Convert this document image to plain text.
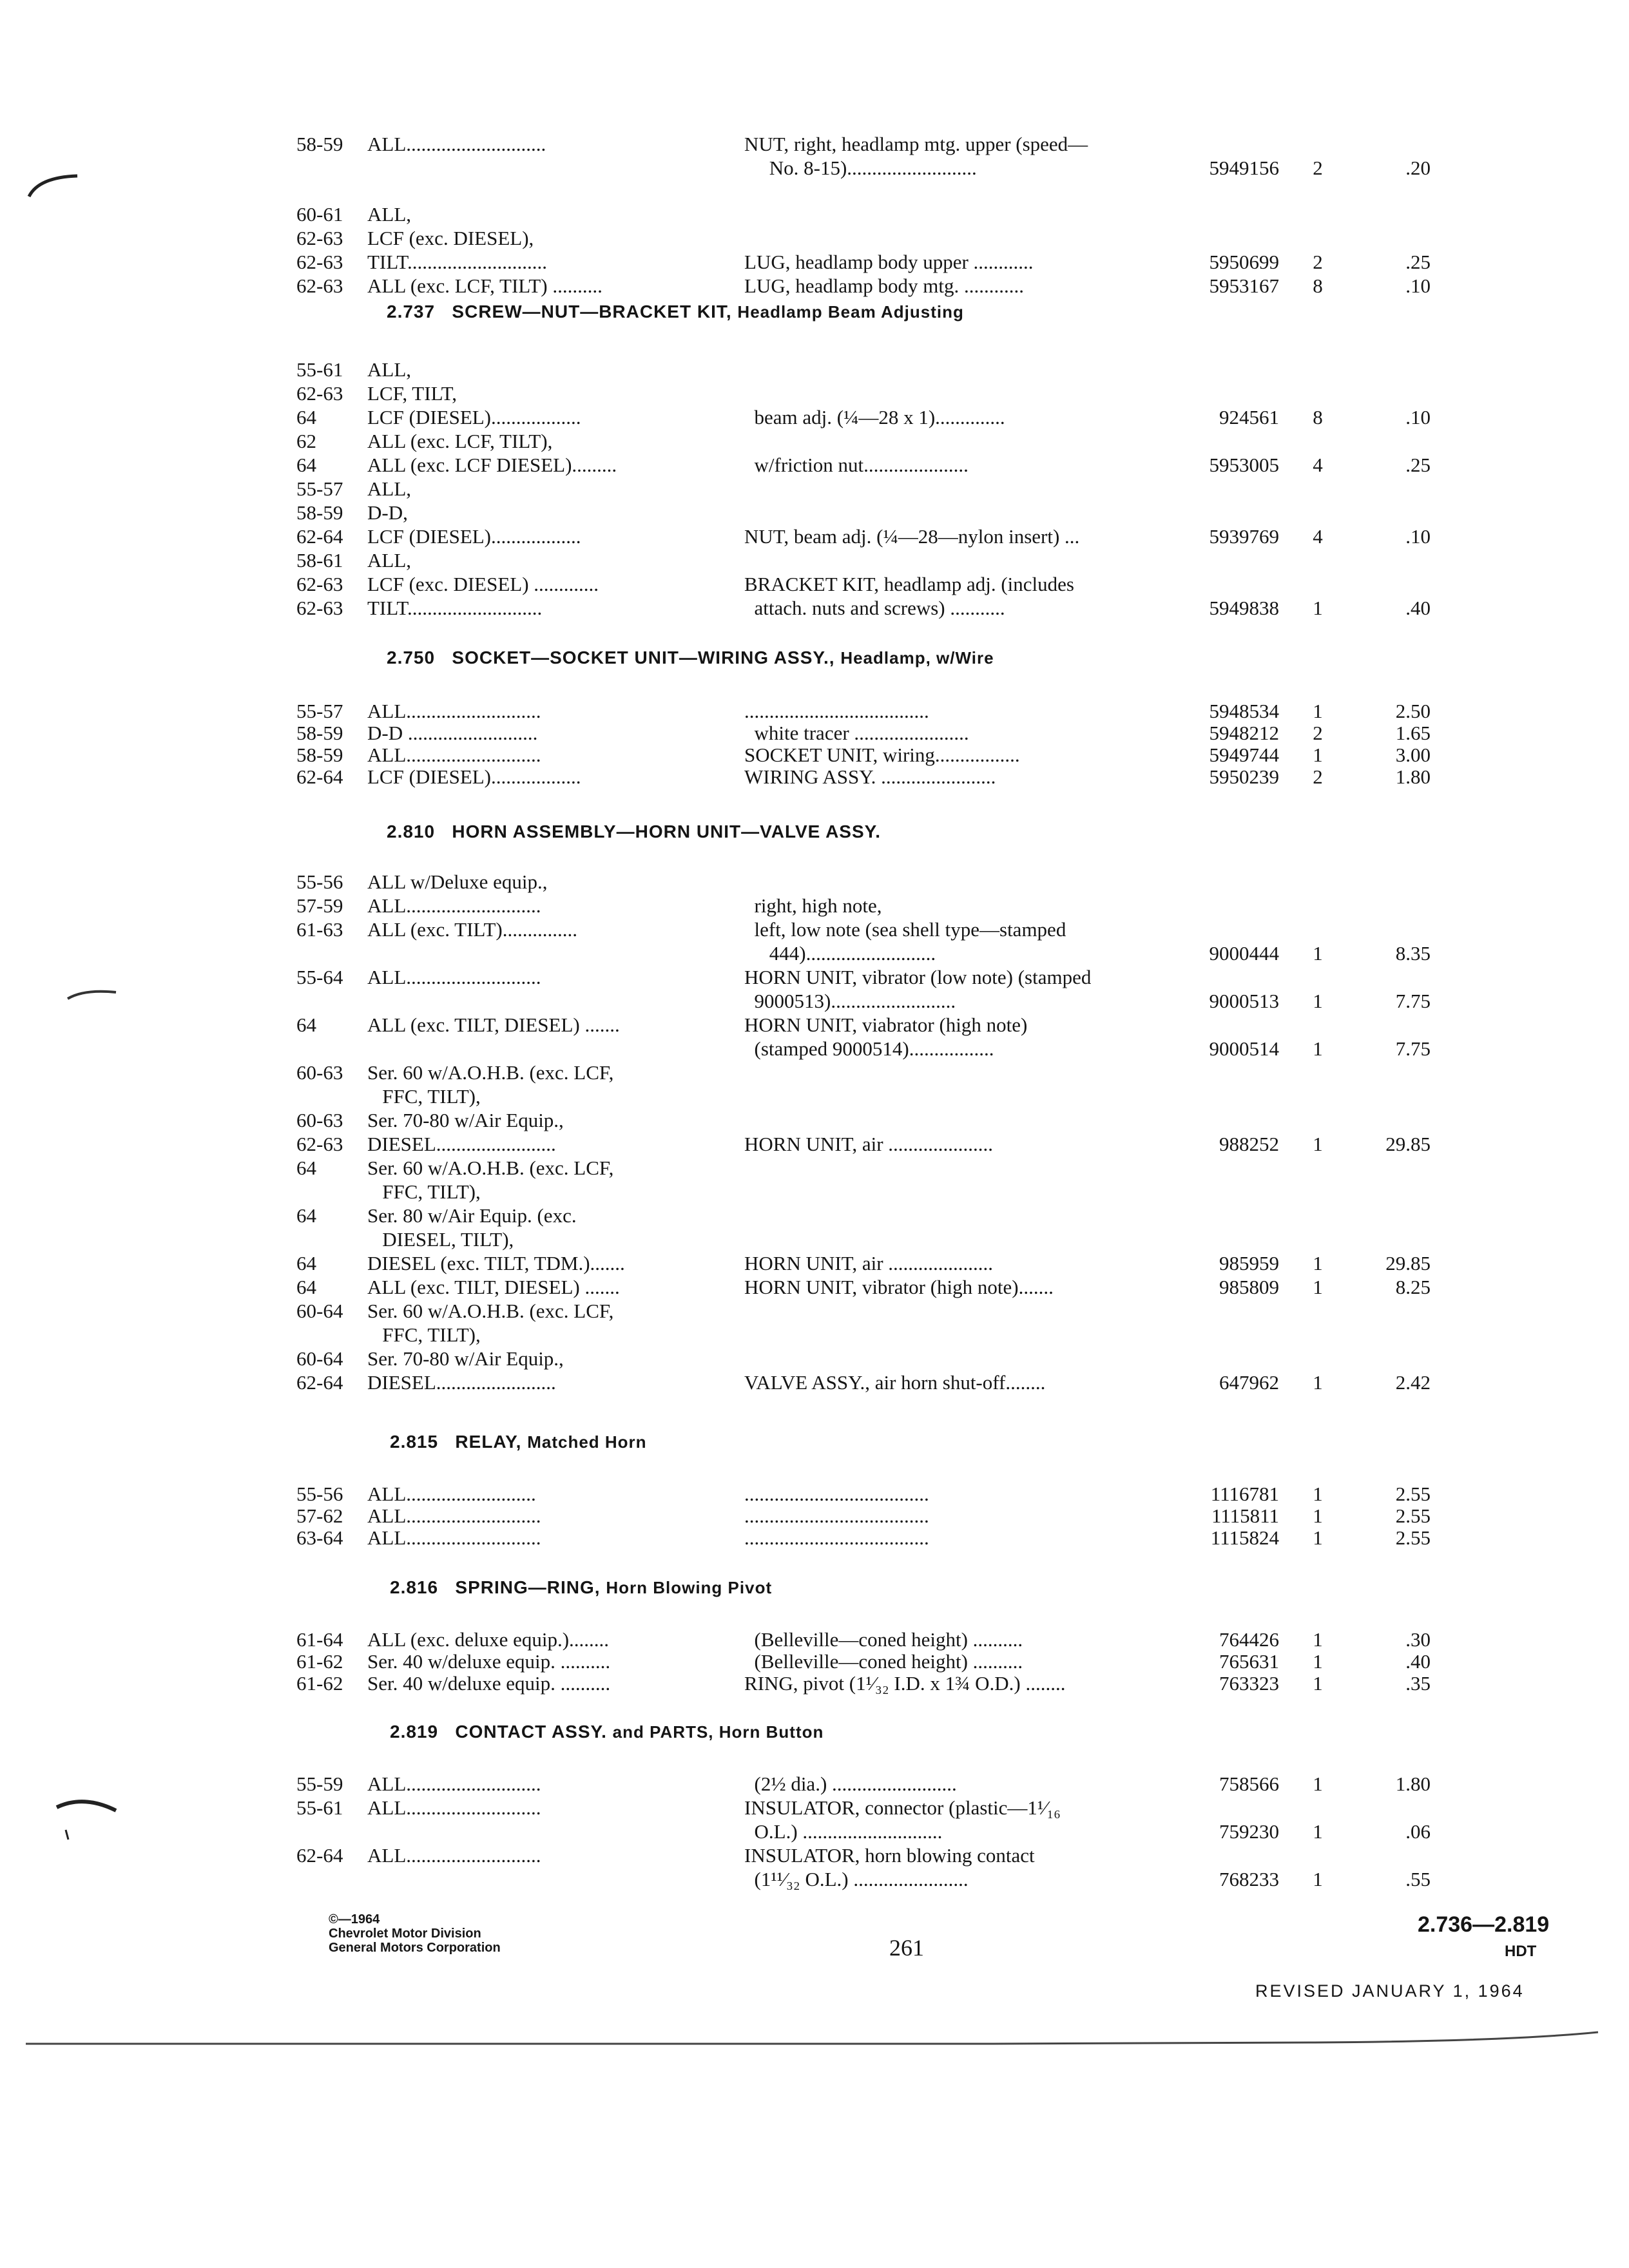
58-59 ALL............................	NUT, right, headlamp mtg. upper (speed—
No. 8-15)..........................	5949156 2	.20
60-61 ALL,
62-63 LCF (exc. DIESEL),
62-63 TILT............................	LUG, headlamp body upper ............	5950699 2	.25
62-63 ALL (exc. LCF, TILT) ..........	LUG, headlamp body mtg. ............	5953167 8	.10
2.737 SCREW—NUT—BRACKET KIT, Headlamp Beam Adjusting
55-61 ALL,
62-63 LCF, TILT,
64	LCF (DIESEL)..................	beam adj. (¼—28 x 1)..............	924561 8	.10
62	ALL (exc. LCF, TILT),
64	ALL (exc. LCF DIESEL).........	w/friction nut.....................	5953005 4	.25
55-57 ALL,
58-59 D-D,
62-64 LCF (DIESEL)..................	NUT, beam adj. (¼—28—nylon insert) ...	5939769 4	.10
58-61 ALL,
62-63 LCF (exc. DIESEL) .............	BRACKET KIT, headlamp adj. (includes
62-63 TILT...........................	attach. nuts and screws) ...........	5949838 1	.40
2.750 SOCKET—SOCKET UNIT—WIRING ASSY., Headlamp, w/Wire
55-57 ALL...........................	.....................................	5948534 1	2.50
58-59 D-D ..........................	white tracer .......................	5948212 2	1.65
58-59 ALL...........................	SOCKET UNIT, wiring.................	5949744 1	3.00
62-64 LCF (DIESEL)..................	WIRING ASSY. .......................	5950239 2	1.80
2.810 HORN ASSEMBLY—HORN UNIT—VALVE ASSY.
55-56 ALL w/Deluxe equip.,
57-59 ALL...........................	right, high note,
61-63 ALL (exc. TILT)...............	left, low note (sea shell type—stamped
444)..........................	9000444 1	8.35
55-64 ALL...........................	HORN UNIT, vibrator (low note) (stamped
9000513).........................	9000513 1	7.75
64	ALL (exc. TILT, DIESEL) .......	HORN UNIT, viabrator (high note)
(stamped 9000514).................	9000514 1	7.75
60-63 Ser. 60 w/A.O.H.B. (exc. LCF,
FFC, TILT),
60-63 Ser. 70-80 w/Air Equip.,
62-63 DIESEL........................	HORN UNIT, air .....................	988252 1	29.85
64	Ser. 60 w/A.O.H.B. (exc. LCF,
FFC, TILT),
64	Ser. 80 w/Air Equip. (exc.
DIESEL, TILT),
64	DIESEL (exc. TILT, TDM.).......	HORN UNIT, air .....................	985959 1	29.85
64	ALL (exc. TILT, DIESEL) .......	HORN UNIT, vibrator (high note).......	985809 1	8.25
60-64 Ser. 60 w/A.O.H.B. (exc. LCF,
FFC, TILT),
60-64 Ser. 70-80 w/Air Equip.,
62-64 DIESEL........................	VALVE ASSY., air horn shut-off........	647962 1	2.42
2.815 RELAY, Matched Horn
55-56 ALL..........................	.....................................	1116781 1	2.55
57-62 ALL...........................	.....................................	1115811 1	2.55
63-64 ALL...........................	.....................................	1115824 1	2.55
2.816 SPRING—RING, Horn Blowing Pivot
61-64 ALL (exc. deluxe equip.)........	(Belleville—coned height) ..........	764426 1	.30
61-62 Ser. 40 w/deluxe equip. ..........	(Belleville—coned height) ..........	765631 1	.40
61-62 Ser. 40 w/deluxe equip. ..........	RING, pivot (1¹⁄₃₂ I.D. x 1¾ O.D.) ........	763323 1	.35
2.819 CONTACT ASSY. and PARTS, Horn Button
55-59 ALL...........................	(2½ dia.) .........................	758566 1	1.80
55-61 ALL...........................	INSULATOR, connector (plastic—1¹⁄₁₆
O.L.) ............................	759230 1	.06
62-64 ALL...........................	INSULATOR, horn blowing contact
(1¹¹⁄₃₂ O.L.) .......................	768233 1	.55
©—1964
Chevrolet Motor Division
General Motors Corporation	261
2.736—2.819
HDT
REVISED JANUARY 1, 1964
